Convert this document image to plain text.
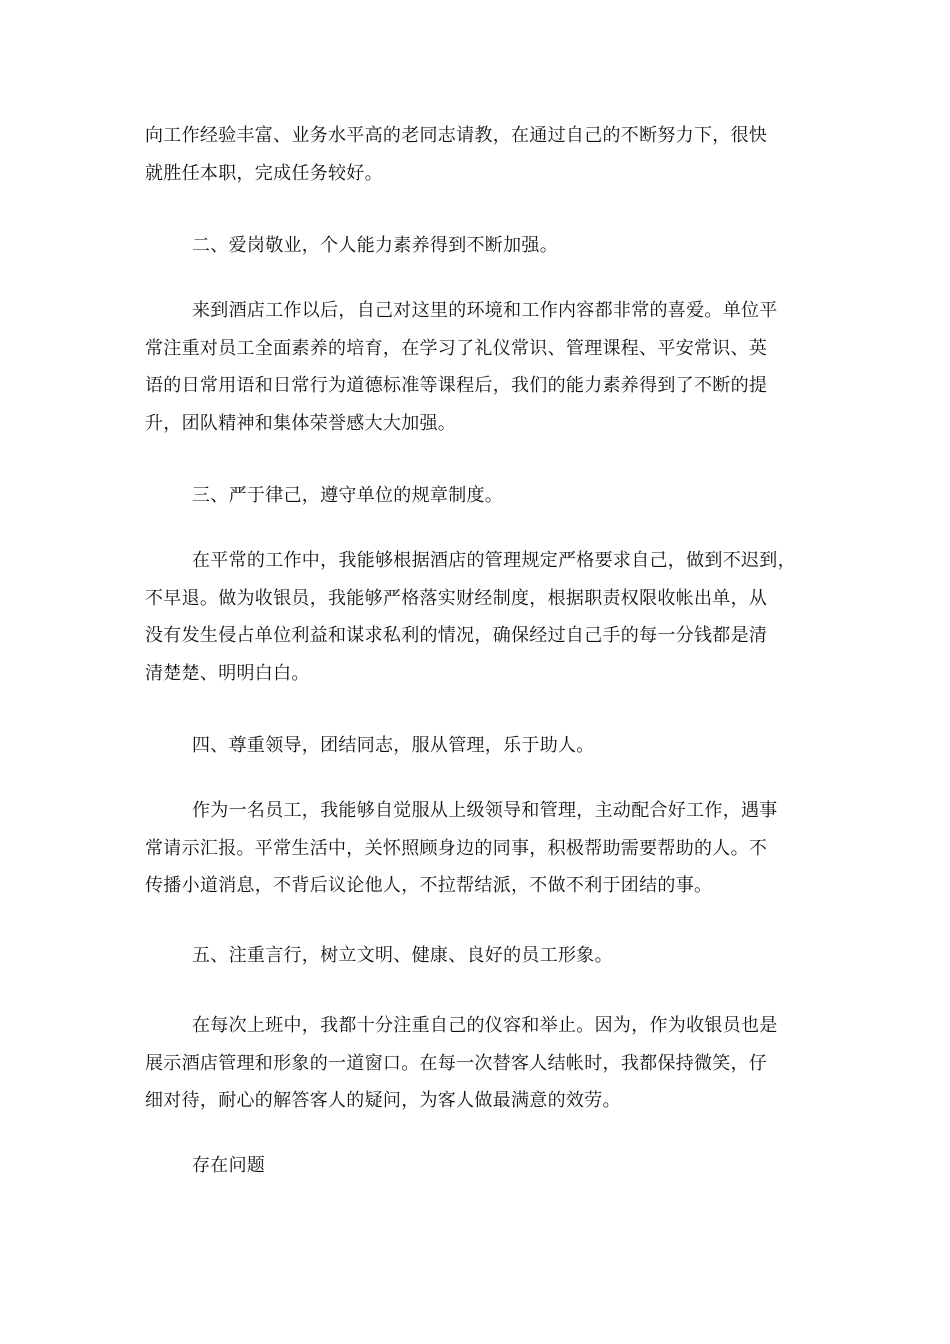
向工作经验丰富、业务水平高的老同志请教，在通过自己的不断努力下，很快
就胜任本职，完成任务较好。

二、爱岗敬业，个人能力素养得到不断加强。

来到酒店工作以后，自己对这里的环境和工作内容都非常的喜爱。单位平
常注重对员工全面素养的培育，在学习了礼仪常识、管理课程、平安常识、英
语的日常用语和日常行为道德标准等课程后，我们的能力素养得到了不断的提
升，团队精神和集体荣誉感大大加强。

三、严于律己，遵守单位的规章制度。

在平常的工作中，我能够根据酒店的管理规定严格要求自己，做到不迟到，
不早退。做为收银员，我能够严格落实财经制度，根据职责权限收帐出单，从
没有发生侵占单位利益和谋求私利的情况，确保经过自己手的每一分钱都是清
清楚楚、明明白白。

四、尊重领导，团结同志，服从管理，乐于助人。

作为一名员工，我能够自觉服从上级领导和管理，主动配合好工作，遇事
常请示汇报。平常生活中，关怀照顾身边的同事，积极帮助需要帮助的人。不
传播小道消息，不背后议论他人，不拉帮结派，不做不利于团结的事。

五、注重言行，树立文明、健康、良好的员工形象。

在每次上班中，我都十分注重自己的仪容和举止。因为，作为收银员也是
展示酒店管理和形象的一道窗口。在每一次替客人结帐时，我都保持微笑，仔
细对待，耐心的解答客人的疑问，为客人做最满意的效劳。

存在问题
